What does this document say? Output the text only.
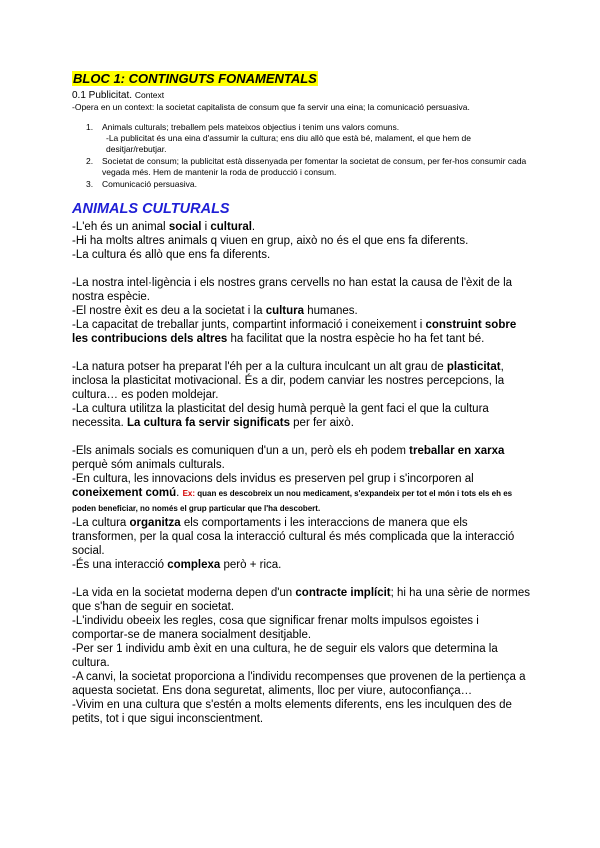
BLOC 1: CONTINGUTS FONAMENTALS
0.1 Publicitat. Context
-Opera en un context: la societat capitalista de consum que fa servir una eina; la comunicació persuasiva.
1. Animals culturals; treballem pels mateixos objectius i tenim uns valors comuns.
-La publicitat és una eina d'assumir la cultura; ens diu allò que està bé, malament, el que hem de desitjar/rebutjar.
2. Societat de consum; la publicitat està dissenyada per fomentar la societat de consum, per fer-hos consumir cada vegada més. Hem de mantenir la roda de producció i consum.
3. Comunicació persuasiva.
ANIMALS CULTURALS

-L'eh és un animal social i cultural.

-Hi ha molts altres animals q viuen en grup, això no és el que ens fa diferents.

-La cultura és allò que ens fa diferents.

-La nostra intel·ligència i els nostres grans cervells no han estat la causa de l'èxit de la nostra espècie.

-El nostre èxit es deu a la societat i la cultura humanes.

-La capacitat de treballar junts, compartint informació i coneixement i construint sobre les contribucions dels altres ha facilitat que la nostra espècie ho ha fet tant bé.

-La natura potser ha preparat l'éh per a la cultura inculcant un alt grau de plasticitat, inclosa la plasticitat motivacional. És a dir, podem canviar les nostres percepcions, la cultura… es poden moldejar.

-La cultura utilitza la plasticitat del desig humà perquè la gent faci el que la cultura necessita. La cultura fa servir significats per fer això.

-Els animals socials es comuniquen d'un a un, però els eh podem treballar en xarxa perquè sóm animals culturals.

-En cultura, les innovacions dels invidus es preserven pel grup i s'incorporen al coneixement comú. Ex: quan es descobreix un nou medicament, s'expandeix per tot el món i tots els eh es poden beneficiar, no només el grup particular que l'ha descobert.

-La cultura organitza els comportaments i les interaccions de manera que els transformen, per la qual cosa la interacció cultural és més complicada que la interacció social.

-És una interacció complexa però + rica.

-La vida en la societat moderna depen d'un contracte implícit; hi ha una sèrie de normes que s'han de seguir en societat.

-L'individu obeeix les regles, cosa que significar frenar molts impulsos egoistes i comportar-se de manera socialment desitjable.

-Per ser 1 individu amb èxit en una cultura, he de seguir els valors que determina la cultura.

-A canvi, la societat proporciona a l'individu recompenses que provenen de la pertiença a aquesta societat. Ens dona seguretat, aliments, lloc per viure, autoconfiança…

-Vivim en una cultura que s'estén a molts elements diferents, ens les inculquen des de petits, tot i que sigui inconscientment.
